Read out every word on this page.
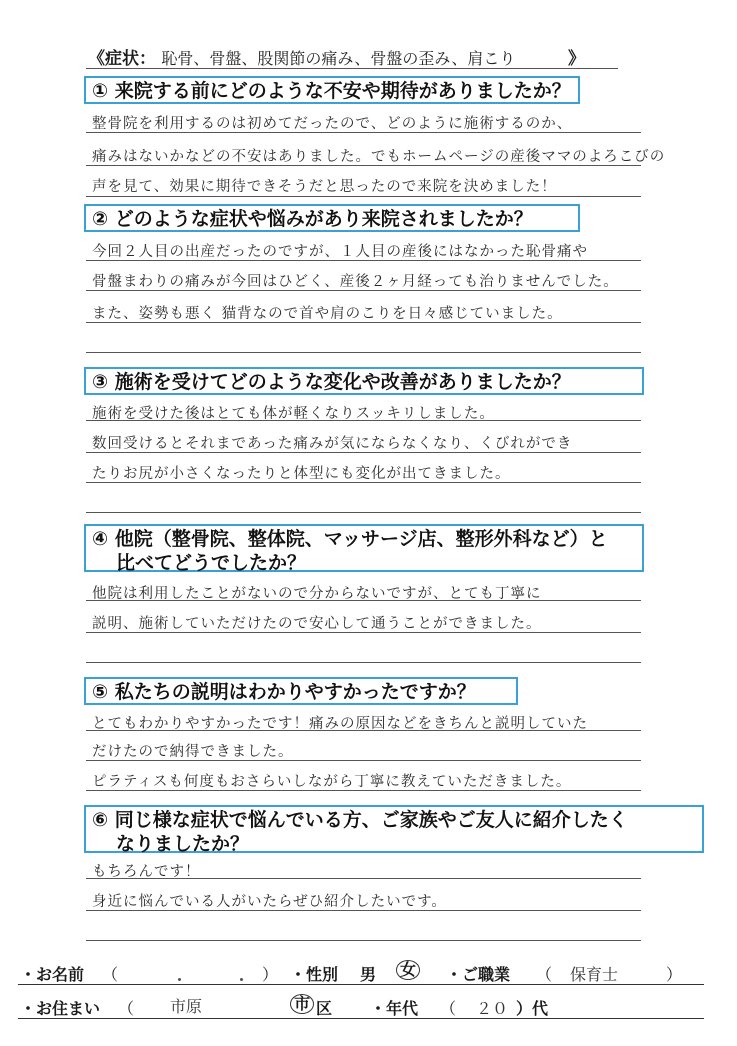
《症状： 恥骨、骨盤、股関節の痛み、骨盤の歪み、肩こり	》
① 来院する前にどのような不安や期待がありましたか？
整骨院を利用するのは初めてだったので、どのように施術するのか、
痛みはないかなどの不安はありました。でもホームページの産後ママのよろこびの
声を見て、効果に期待できそうだと思ったので来院を決めました！
② どのような症状や悩みがあり来院されましたか？
今回２人目の出産だったのですが、１人目の産後にはなかった恥骨痛や
骨盤まわりの痛みが今回はひどく、産後２ヶ月経っても治りませんでした。
また、姿勢も悪く 猫背なので首や肩のこりを日々感じていました。
③ 施術を受けてどのような変化や改善がありましたか？
施術を受けた後はとても体が軽くなりスッキリしました。
数回受けるとそれまであった痛みが気にならなくなり、くびれができ
たりお尻が小さくなったりと体型にも変化が出てきました。
④ 他院（整骨院、整体院、マッサージ店、整形外科など）と
比べてどうでしたか？
他院は利用したことがないので分からないですが、とても丁寧に
説明、施術していただけたので安心して通うことができました。
⑤ 私たちの説明はわかりやすかったですか？
とてもわかりやすかったです！痛みの原因などをきちんと説明していた
だけたので納得できました。
ピラティスも何度もおさらいしながら丁寧に教えていただきました。
⑥ 同じ様な症状で悩んでいる方、ご家族やご友人に紹介したく
なりましたか？
もちろんです！
身近に悩んでいる人がいたらぜひ紹介したいです。
・お名前 （	） ・性別 男 女 ・ご職業 （ 保育士	）
・お住まい （ 市原	市 区 ・年代 （ ２０ ）代
